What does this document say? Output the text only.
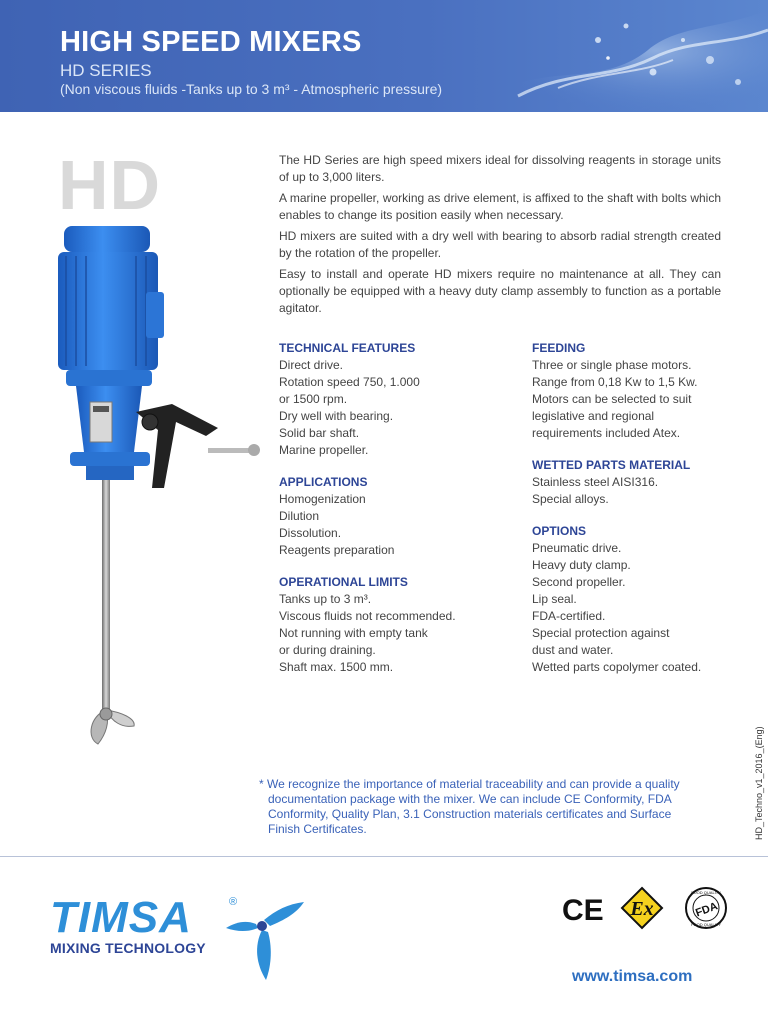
HIGH SPEED MIXERS
HD SERIES
(Non viscous fluids -Tanks up to 3 m³ - Atmospheric pressure)
HD	The HD Series are high speed mixers ideal for dissolving reagents in storage units of up to 3,000 liters.

A marine propeller, working as drive element, is affixed to the shaft with bolts which enables to change its position easily when necessary.

HD mixers are suited with a dry well with bearing to absorb radial strength created by the rotation of the propeller.

Easy to install and operate HD mixers require no maintenance at all. They can optionally be equipped with a heavy duty clamp assembly to function as a portable agitator.

TECHNICAL FEATURES
Direct drive.
Rotation speed 750, 1.000
or 1500 rpm.
Dry well with bearing.
Solid bar shaft.
Marine propeller.
APPLICATIONS
Homogenization
Dilution
Dissolution.
Reagents preparation
OPERATIONAL LIMITS
Tanks up to 3 m³.
Viscous fluids not recommended.
Not running with empty tank
or during draining.
Shaft max. 1500 mm.
FEEDING
Three or single phase motors.
Range from 0,18 Kw to 1,5 Kw.
Motors can be selected to suit
legislative and regional
requirements included Atex.
WETTED PARTS MATERIAL
Stainless steel AISI316.
Special alloys.
OPTIONS
Pneumatic drive.
Heavy duty clamp.
Second propeller.
Lip seal.
FDA-certified.
Special protection against
dust and water.
Wetted parts copolymer coated.
* We recognize the importance of material traceability and can provide a quality
documentation package with the mixer. We can include CE Conformity, FDA
Conformity, Quality Plan, 3.1 Construction materials certificates and Surface
Finish Certificates.	HD_Techno_v1_2016_(Eng)
TIMSA	®
MIXING TECHNOLOGY
CE Ex	FDA
FOOD QUALITY
FOOD QUALITY
www.timsa.com
